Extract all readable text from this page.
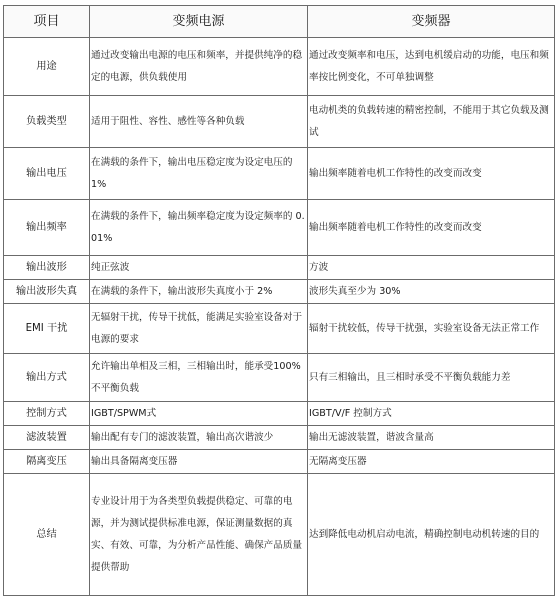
项目	变频电源	变频器
用途	通过改变输出电源的电压和频率，并提供纯净的稳定的电源，供负载使用	通过改变频率和电压，达到电机缓启动的功能，电压和频率按比例变化，不可单独调整
负载类型	适用于阻性、容性、感性等各种负载	电动机类的负载转速的精密控制，不能用于其它负载及测试
输出电压	在满载的条件下，输出电压稳定度为设定电压的 1%	输出频率随着电机工作特性的改变而改变
输出频率	在满载的条件下，输出频率稳定度为设定频率的 0.01%	输出频率随着电机工作特性的改变而改变
输出波形	纯正弦波	方波
输出波形失真	在满载的条件下，输出波形失真度小于 2%	波形失真至少为 30%
EMI 干扰	无辐射干扰，传导干扰低，能满足实验室设备对于电源的要求	辐射干扰较低，传导干扰强，实验室设备无法正常工作
输出方式	允许输出单相及三相，三相输出时，能承受100%不平衡负载	只有三相输出，且三相时承受不平衡负载能力差
控制方式	IGBT/SPWM式	IGBT/V/F 控制方式
滤波装置	输出配有专门的滤波装置，输出高次谐波少	输出无滤波装置，谐波含量高
隔离变压	输出具备隔离变压器	无隔离变压器
总结	专业设计用于为各类型负载提供稳定、可靠的电源，并为测试提供标准电源，保证测量数据的真实、有效、可靠，为分析产品性能、确保产品质量提供帮助	达到降低电动机启动电流，精确控制电动机转速的目的
